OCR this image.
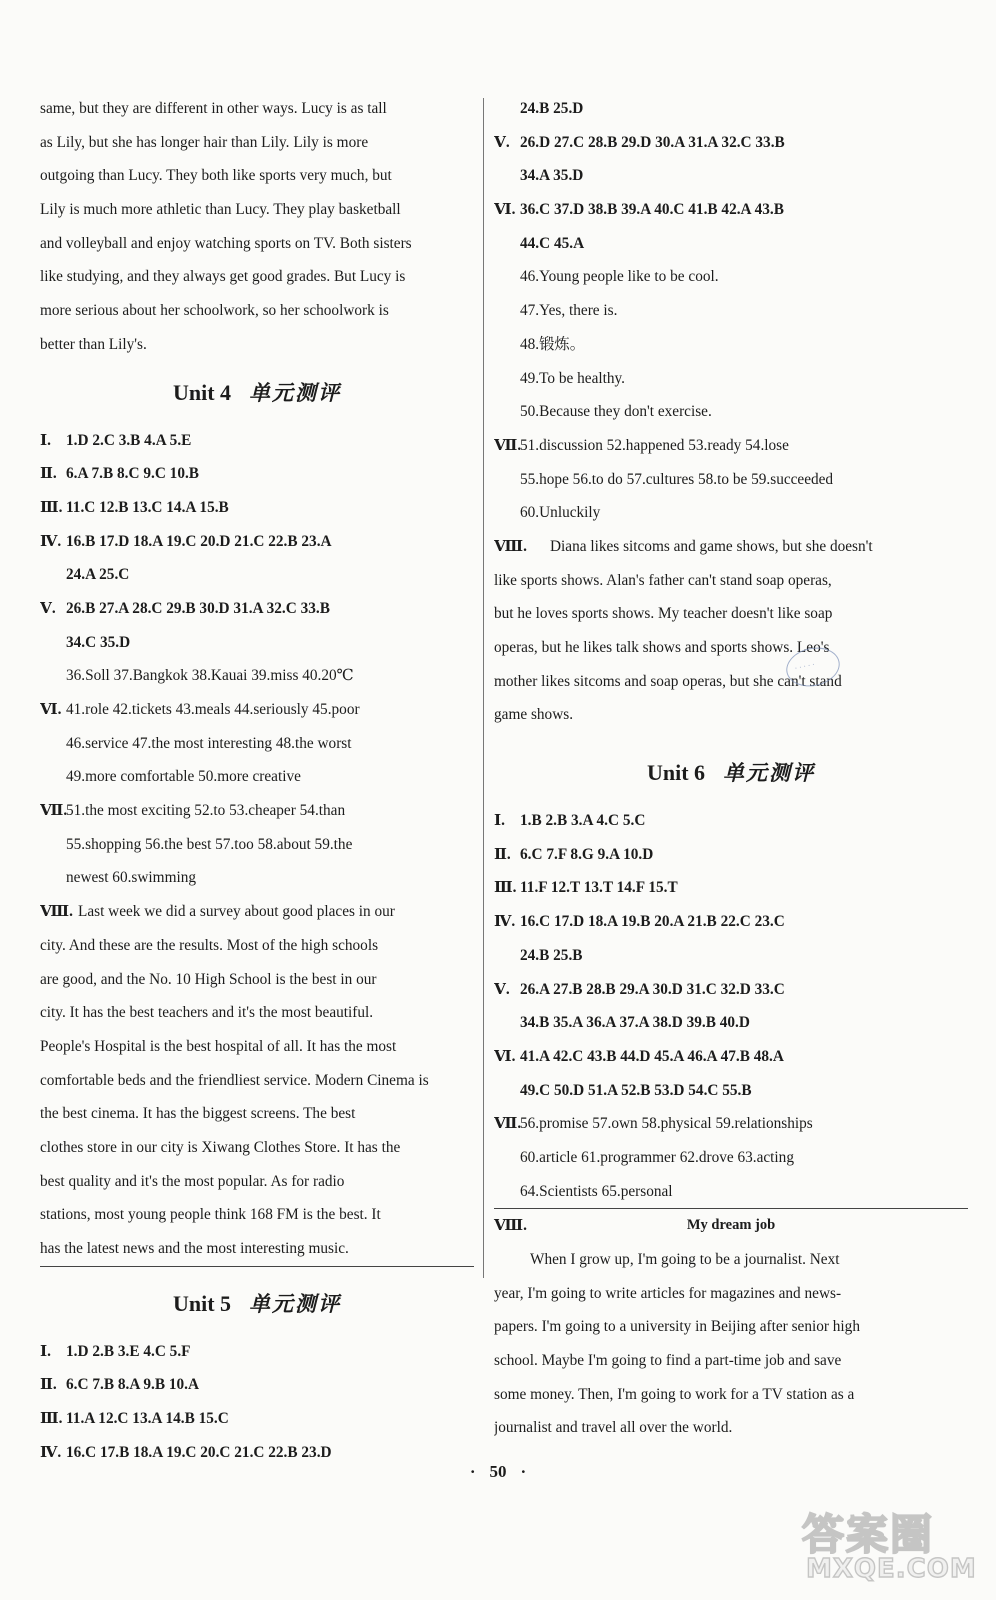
same, but they are different in other ways. Lucy is as tall
as Lily, but she has longer hair than Lily. Lily is more
outgoing than Lucy. They both like sports very much, but
Lily is much more athletic than Lucy. They play basketball
and volleyball and enjoy watching sports on TV. Both sisters
like studying, and they always get good grades. But Lucy is
more serious about her schoolwork, so her schoolwork is
better than Lily's.
Unit 4 单元测评
Ⅰ. 1.D 2.C 3.B 4.A 5.E
Ⅱ. 6.A 7.B 8.C 9.C 10.B
Ⅲ. 11.C 12.B 13.C 14.A 15.B
Ⅳ. 16.B 17.D 18.A 19.C 20.D 21.C 22.B 23.A
24.A 25.C
Ⅴ. 26.B 27.A 28.C 29.B 30.D 31.A 32.C 33.B
34.C 35.D
36.Soll 37.Bangkok 38.Kauai 39.miss 40.20℃
Ⅵ. 41.role 42.tickets 43.meals 44.seriously 45.poor
46.service 47.the most interesting 48.the worst
49.more comfortable 50.more creative
Ⅶ.
51.the most exciting 52.to 53.cheaper 54.than
55.shopping 56.the best 57.too 58.about 59.the
newest 60.swimming
Ⅷ. Last week we did a survey about good places in our
city. And these are the results. Most of the high schools
are good, and the No. 10 High School is the best in our
city. It has the best teachers and it's the most beautiful.
People's Hospital is the best hospital of all. It has the most
comfortable beds and the friendliest service. Modern Cinema is
the best cinema. It has the biggest screens. The best
clothes store in our city is Xiwang Clothes Store. It has the
best quality and it's the most popular. As for radio
stations, most young people think 168 FM is the best. It
has the latest news and the most interesting music.
Unit 5 单元测评
Ⅰ. 1.D 2.B 3.E 4.C 5.F
Ⅱ. 6.C 7.B 8.A 9.B 10.A
Ⅲ. 11.A 12.C 13.A 14.B 15.C
Ⅳ. 16.C 17.B 18.A 19.C 20.C 21.C 22.B 23.D
24.B 25.D
Ⅴ. 26.D 27.C 28.B 29.D 30.A 31.A 32.C 33.B
34.A 35.D
Ⅵ. 36.C 37.D 38.B 39.A 40.C 41.B 42.A 43.B
44.C 45.A
46.Young people like to be cool.
47.Yes, there is.
48.锻炼。
49.To be healthy.
50.Because they don't exercise.
Ⅶ.
51.discussion 52.happened 53.ready 54.lose
55.hope 56.to do 57.cultures 58.to be 59.succeeded
60.Unluckily
Ⅷ.	Diana likes sitcoms and game shows, but she doesn't
like sports shows. Alan's father can't stand soap operas,
but he loves sports shows. My teacher doesn't like soap
operas, but he likes talk shows and sports shows. Leo's
mother likes sitcoms and soap operas, but she can't stand
game shows.
Unit 6 单元测评
Ⅰ. 1.B 2.B 3.A 4.C 5.C
Ⅱ. 6.C 7.F 8.G 9.A 10.D
Ⅲ. 11.F 12.T 13.T 14.F 15.T
Ⅳ. 16.C 17.D 18.A 19.B 20.A 21.B 22.C 23.C
24.B 25.B
Ⅴ. 26.A 27.B 28.B 29.A 30.D 31.C 32.D 33.C
34.B 35.A 36.A 37.A 38.D 39.B 40.D
Ⅵ. 41.A 42.C 43.B 44.D 45.A 46.A 47.B 48.A
49.C 50.D 51.A 52.B 53.D 54.C 55.B
Ⅶ.
56.promise 57.own 58.physical 59.relationships
60.article 61.programmer 62.drove 63.acting
64.Scientists 65.personal
Ⅷ.	My dream job
When I grow up, I'm going to be a journalist. Next
year, I'm going to write articles for magazines and news-
papers. I'm going to a university in Beijing after senior high
school. Maybe I'm going to find a part-time job and save
some money. Then, I'm going to work for a TV station as a
journalist and travel all over the world.
· · · · ·
· 50 ·
答案圈
MXQE.COM
